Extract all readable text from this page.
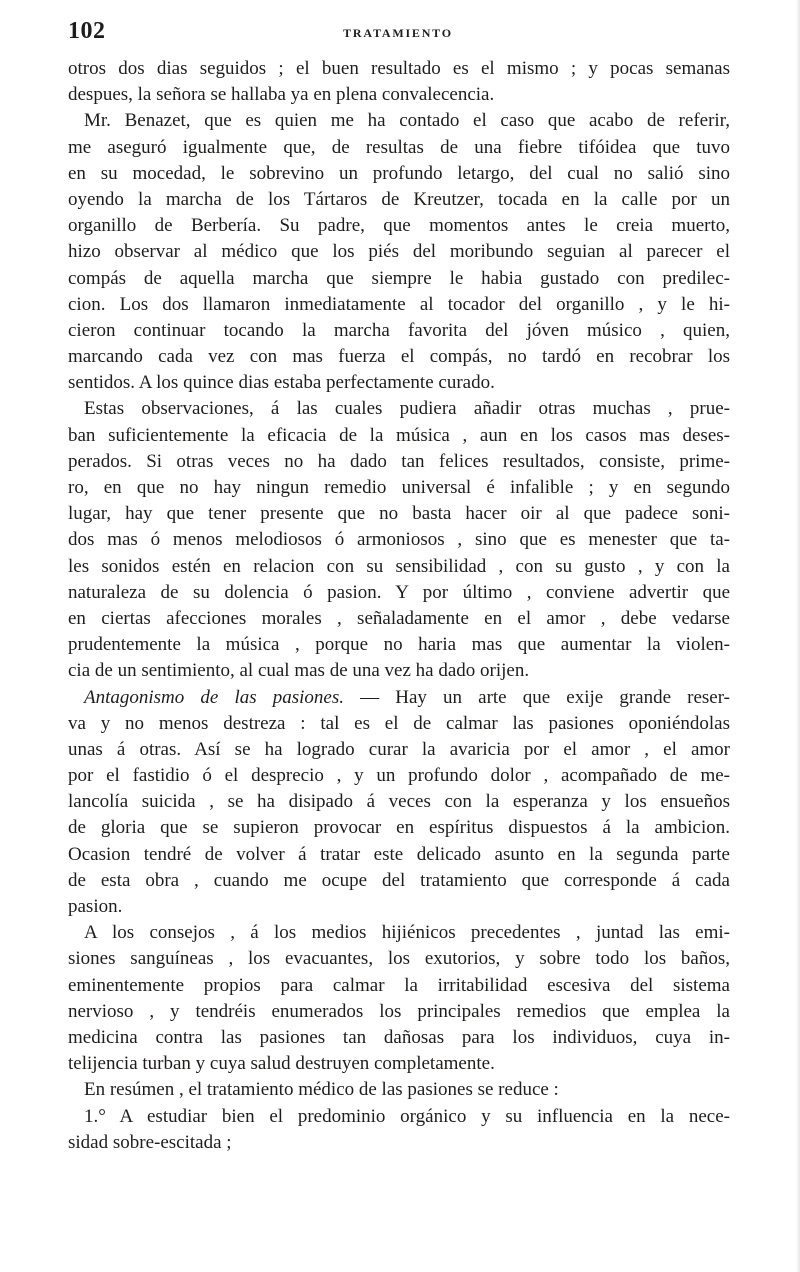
102	TRATAMIENTO
otros dos dias seguidos ; el buen resultado es el mismo ; y pocas semanas
despues, la señora se hallaba ya en plena convalecencia.
Mr. Benazet, que es quien me ha contado el caso que acabo de referir,
me aseguró igualmente que, de resultas de una fiebre tifóidea que tuvo
en su mocedad, le sobrevino un profundo letargo, del cual no salió sino
oyendo la marcha de los Tártaros de Kreutzer, tocada en la calle por un
organillo de Berbería. Su padre, que momentos antes le creia muerto,
hizo observar al médico que los piés del moribundo seguian al parecer el
compás de aquella marcha que siempre le habia gustado con predilec-
cion. Los dos llamaron inmediatamente al tocador del organillo , y le hi-
cieron continuar tocando la marcha favorita del jóven músico , quien,
marcando cada vez con mas fuerza el compás, no tardó en recobrar los
sentidos. A los quince dias estaba perfectamente curado.
Estas observaciones, á las cuales pudiera añadir otras muchas , prue-
ban suficientemente la eficacia de la música , aun en los casos mas deses-
perados. Si otras veces no ha dado tan felices resultados, consiste, prime-
ro, en que no hay ningun remedio universal é infalible ; y en segundo
lugar, hay que tener presente que no basta hacer oir al que padece soni-
dos mas ó menos melodiosos ó armoniosos , sino que es menester que ta-
les sonidos estén en relacion con su sensibilidad , con su gusto , y con la
naturaleza de su dolencia ó pasion. Y por último , conviene advertir que
en ciertas afecciones morales , señaladamente en el amor , debe vedarse
prudentemente la música , porque no haria mas que aumentar la violen-
cia de un sentimiento, al cual mas de una vez ha dado orijen.
Antagonismo de las pasiones. — Hay un arte que exije grande reser-
va y no menos destreza : tal es el de calmar las pasiones oponiéndolas
unas á otras. Así se ha logrado curar la avaricia por el amor , el amor
por el fastidio ó el desprecio , y un profundo dolor , acompañado de me-
lancolía suicida , se ha disipado á veces con la esperanza y los ensueños
de gloria que se supieron provocar en espíritus dispuestos á la ambicion.
Ocasion tendré de volver á tratar este delicado asunto en la segunda parte
de esta obra , cuando me ocupe del tratamiento que corresponde á cada
pasion.
A los consejos , á los medios hijiénicos precedentes , juntad las emi-
siones sanguíneas , los evacuantes, los exutorios, y sobre todo los baños,
eminentemente propios para calmar la irritabilidad escesiva del sistema
nervioso , y tendréis enumerados los principales remedios que emplea la
medicina contra las pasiones tan dañosas para los individuos, cuya in-
telijencia turban y cuya salud destruyen completamente.
En resúmen , el tratamiento médico de las pasiones se reduce :
1.° A estudiar bien el predominio orgánico y su influencia en la nece-
sidad sobre-escitada ;
